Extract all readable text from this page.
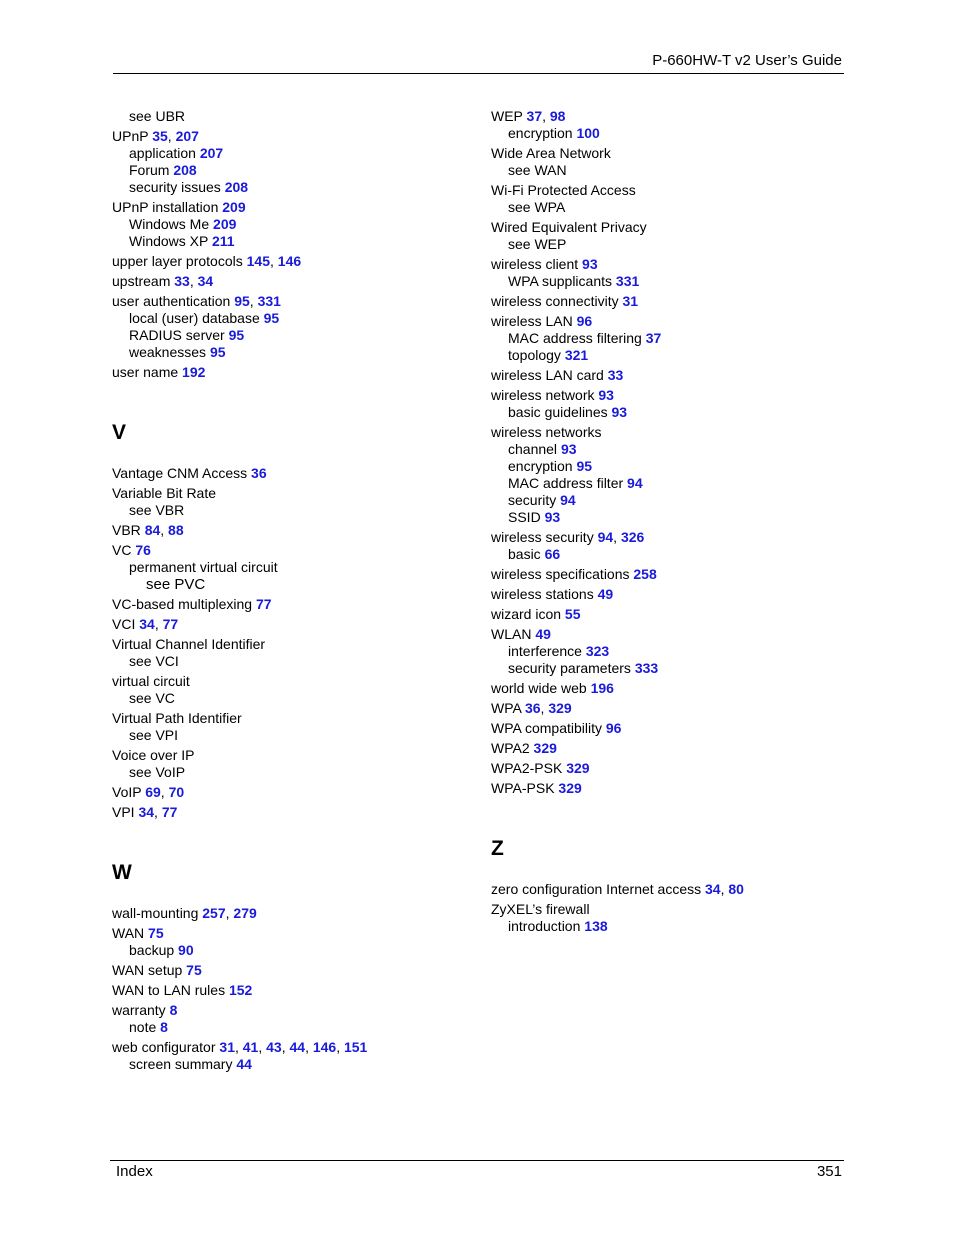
P-660HW-T v2 User’s Guide
see UBR
UPnP 35, 207
application 207
Forum 208
security issues 208
UPnP installation 209
Windows Me 209
Windows XP 211
upper layer protocols 145, 146
upstream 33, 34
user authentication 95, 331
local (user) database 95
RADIUS server 95
weaknesses 95
user name 192
V
Vantage CNM Access 36
Variable Bit Rate
see VBR
VBR 84, 88
VC 76
permanent virtual circuit
see PVC
VC-based multiplexing 77
VCI 34, 77
Virtual Channel Identifier
see VCI
virtual circuit
see VC
Virtual Path Identifier
see VPI
Voice over IP
see VoIP
VoIP 69, 70
VPI 34, 77
W
wall-mounting 257, 279
WAN 75
backup 90
WAN setup 75
WAN to LAN rules 152
warranty 8
note 8
web configurator 31, 41, 43, 44, 146, 151
screen summary 44
WEP 37, 98
encryption 100
Wide Area Network
see WAN
Wi-Fi Protected Access
see WPA
Wired Equivalent Privacy
see WEP
wireless client 93
WPA supplicants 331
wireless connectivity 31
wireless LAN 96
MAC address filtering 37
topology 321
wireless LAN card 33
wireless network 93
basic guidelines 93
wireless networks
channel 93
encryption 95
MAC address filter 94
security 94
SSID 93
wireless security 94, 326
basic 66
wireless specifications 258
wireless stations 49
wizard icon 55
WLAN 49
interference 323
security parameters 333
world wide web 196
WPA 36, 329
WPA compatibility 96
WPA2 329
WPA2-PSK 329
WPA-PSK 329
Z
zero configuration Internet access 34, 80
ZyXEL’s firewall
introduction 138
Index	351
